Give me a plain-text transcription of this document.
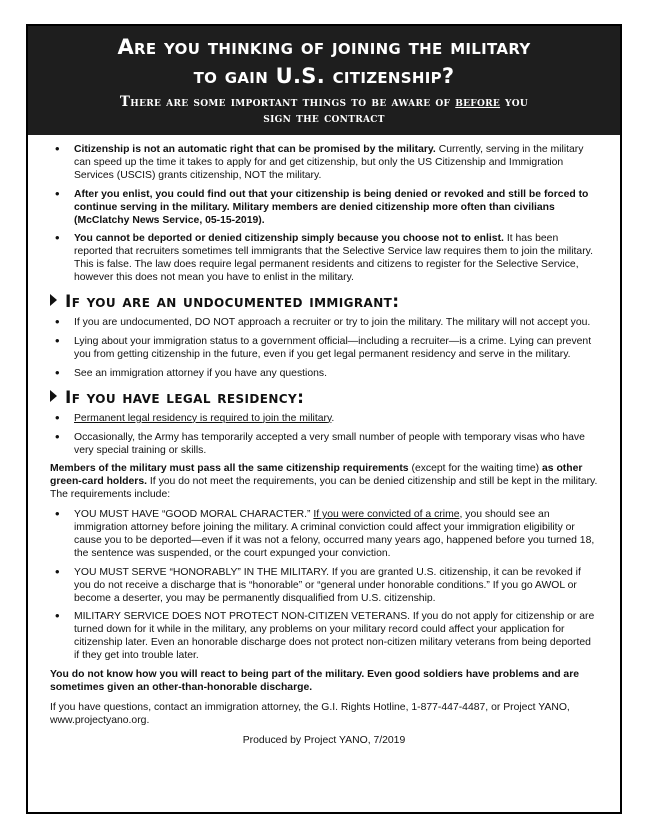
Are you thinking of joining the military
to gain U.S. citizenship?
There are some important things to be aware of before you
sign the contract
• Citizenship is not an automatic right that can be promised by the military. Currently, serving in the military can speed up the time it takes to apply for and get citizenship, but only the US Citizenship and Immigration Services (USCIS) grants citizenship, NOT the military.
• After you enlist, you could find out that your citizenship is being denied or revoked and still be forced to continue serving in the military. Military members are denied citizenship more often than civilians (McClatchy News Service, 05-15-2019).
• You cannot be deported or denied citizenship simply because you choose not to enlist. It has been reported that recruiters sometimes tell immigrants that the Selective Service law requires them to join the military. This is false. The law does require legal permanent residents and citizens to register for the Selective Service, however this does not mean you have to enlist in the military.
If you are an undocumented immigrant:
• If you are undocumented, DO NOT approach a recruiter or try to join the military. The military will not accept you.
• Lying about your immigration status to a government official—including a recruiter—is a crime. Lying can prevent you from getting citizenship in the future, even if you get legal permanent residency and serve in the military.
• See an immigration attorney if you have any questions.
If you have legal residency:
• Permanent legal residency is required to join the military.
• Occasionally, the Army has temporarily accepted a very small number of people with temporary visas who have very special training or skills.

Members of the military must pass all the same citizenship requirements (except for the waiting time) as other green-card holders. If you do not meet the requirements, you can be denied citizenship and still be kept in the military. The requirements include:

• YOU MUST HAVE “GOOD MORAL CHARACTER.” If you were convicted of a crime, you should see an immigration attorney before joining the military. A criminal conviction could affect your immigration eligibility or cause you to be deported—even if it was not a felony, occurred many years ago, happened before you turned 18, the sentence was suspended, or the court expunged your conviction.
• YOU MUST SERVE “HONORABLY” IN THE MILITARY. If you are granted U.S. citizenship, it can be revoked if you do not receive a discharge that is “honorable” or “general under honorable conditions.” If you go AWOL or become a deserter, you may be permanently disqualified from U.S. citizenship.
• MILITARY SERVICE DOES NOT PROTECT NON-CITIZEN VETERANS. If you do not apply for citizenship or are turned down for it while in the military, any problems on your military record could affect your application for citizenship later. Even an honorable discharge does not protect non-citizen military veterans from being deported if they get into trouble later.

You do not know how you will react to being part of the military. Even good soldiers have problems and are sometimes given an other-than-honorable discharge.

If you have questions, contact an immigration attorney, the G.I. Rights Hotline, 1-877-447-4487, or Project YANO, www.projectyano.org.

Produced by Project YANO, 7/2019
